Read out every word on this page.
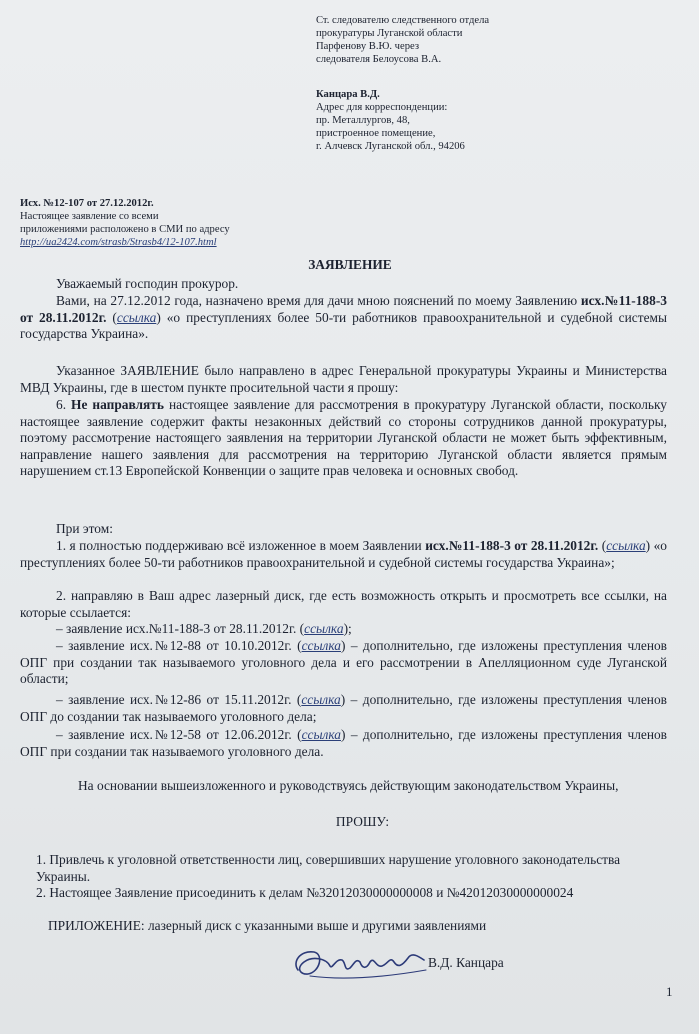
Ст. следователю следственного отдела
прокуратуры Луганской области
Парфенову В.Ю. через
следователя Белоусова В.А.
Канцара В.Д.
Адрес для корреспонденции:
пр. Металлургов, 48,
пристроенное помещение,
г. Алчевск Луганской обл., 94206
Исх. №12-107 от 27.12.2012г.
Настоящее заявление со всеми
приложениями расположено в СМИ по адресу
http://ua2424.com/strasb/Strasb4/12-107.html
ЗАЯВЛЕНИЕ
Уважаемый господин прокурор.
Вами, на 27.12.2012 года, назначено время для дачи мною пояснений по моему Заявлению исх.№11-188-3 от 28.11.2012г. (ссылка) «о преступлениях более 50-ти работников правоохранительной и судебной системы государства Украина».
Указанное ЗАЯВЛЕНИЕ было направлено в адрес Генеральной прокуратуры Украины и Министерства МВД Украины, где в шестом пункте просительной части я прошу:
6. Не направлять настоящее заявление для рассмотрения в прокуратуру Луганской области, поскольку настоящее заявление содержит факты незаконных действий со стороны сотрудников данной прокуратуры, поэтому рассмотрение настоящего заявления на территории Луганской области не может быть эффективным, направление нашего заявления для рассмотрения на территорию Луганской области является прямым нарушением ст.13 Европейской Конвенции о защите прав человека и основных свобод.
При этом:
1. я полностью поддерживаю всё изложенное в моем Заявлении исх.№11-188-3 от 28.11.2012г. (ссылка) «о преступлениях более 50-ти работников правоохранительной и судебной системы государства Украина»;
2. направляю в Ваш адрес лазерный диск, где есть возможность открыть и просмотреть все ссылки, на которые ссылается:
– заявление исх.№11-188-3 от 28.11.2012г. (ссылка);
– заявление исх.№12-88 от 10.10.2012г. (ссылка) – дополнительно, где изложены преступления членов ОПГ при создании так называемого уголовного дела и его рассмотрении в Апелляционном суде Луганской области;
– заявление исх.№12-86 от 15.11.2012г. (ссылка) – дополнительно, где изложены преступления членов ОПГ до создании так называемого уголовного дела;
– заявление исх.№12-58 от 12.06.2012г. (ссылка) – дополнительно, где изложены преступления членов ОПГ при создании так называемого уголовного дела.
На основании вышеизложенного и руководствуясь действующим законодательством Украины,
ПРОШУ:
1. Привлечь к уголовной ответственности лиц, совершивших нарушение уголовного законодательства Украины.
2. Настоящее Заявление присоединить к делам №32012030000000008 и №42012030000000024
ПРИЛОЖЕНИЕ: лазерный диск с указанными выше и другими заявлениями
В.Д. Канцара
1
